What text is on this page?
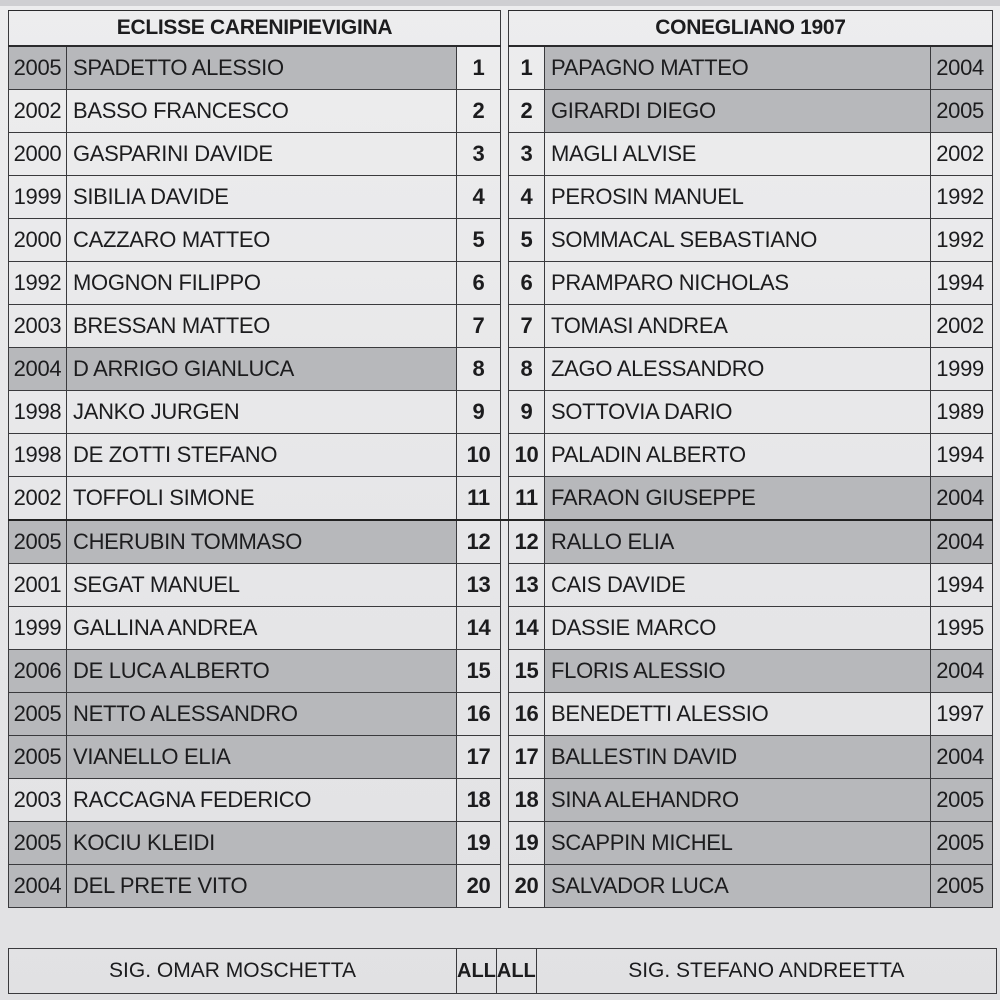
ECLISSE CARENIPIEVIGINA				CONEGLIANO 1907		
2005	SPADETTO ALESSIO	1		1	PAPAGNO MATTEO	2004
2002	BASSO FRANCESCO	2		2	GIRARDI DIEGO	2005
2000	GASPARINI DAVIDE	3		3	MAGLI ALVISE	2002
1999	SIBILIA DAVIDE	4		4	PEROSIN MANUEL	1992
2000	CAZZARO MATTEO	5		5	SOMMACAL SEBASTIANO	1992
1992	MOGNON FILIPPO	6		6	PRAMPARO NICHOLAS	1994
2003	BRESSAN MATTEO	7		7	TOMASI ANDREA	2002
2004	D ARRIGO GIANLUCA	8		8	ZAGO ALESSANDRO	1999
1998	JANKO JURGEN	9		9	SOTTOVIA DARIO	1989
1998	DE ZOTTI STEFANO	10		10	PALADIN ALBERTO	1994
2002	TOFFOLI SIMONE	11		11	FARAON GIUSEPPE	2004
2005	CHERUBIN TOMMASO	12		12	RALLO ELIA	2004
2001	SEGAT MANUEL	13		13	CAIS DAVIDE	1994
1999	GALLINA ANDREA	14		14	DASSIE MARCO	1995
2006	DE LUCA ALBERTO	15		15	FLORIS ALESSIO	2004
2005	NETTO ALESSANDRO	16		16	BENEDETTI ALESSIO	1997
2005	VIANELLO ELIA	17		17	BALLESTIN DAVID	2004
2003	RACCAGNA FEDERICO	18		18	SINA ALEHANDRO	2005
2005	KOCIU KLEIDI	19		19	SCAPPIN MICHEL	2005
2004	DEL PRETE VITO	20		20	SALVADOR LUCA	2005
SIG. OMAR MOSCHETTA	ALL	ALL	SIG. STEFANO ANDREETTA
